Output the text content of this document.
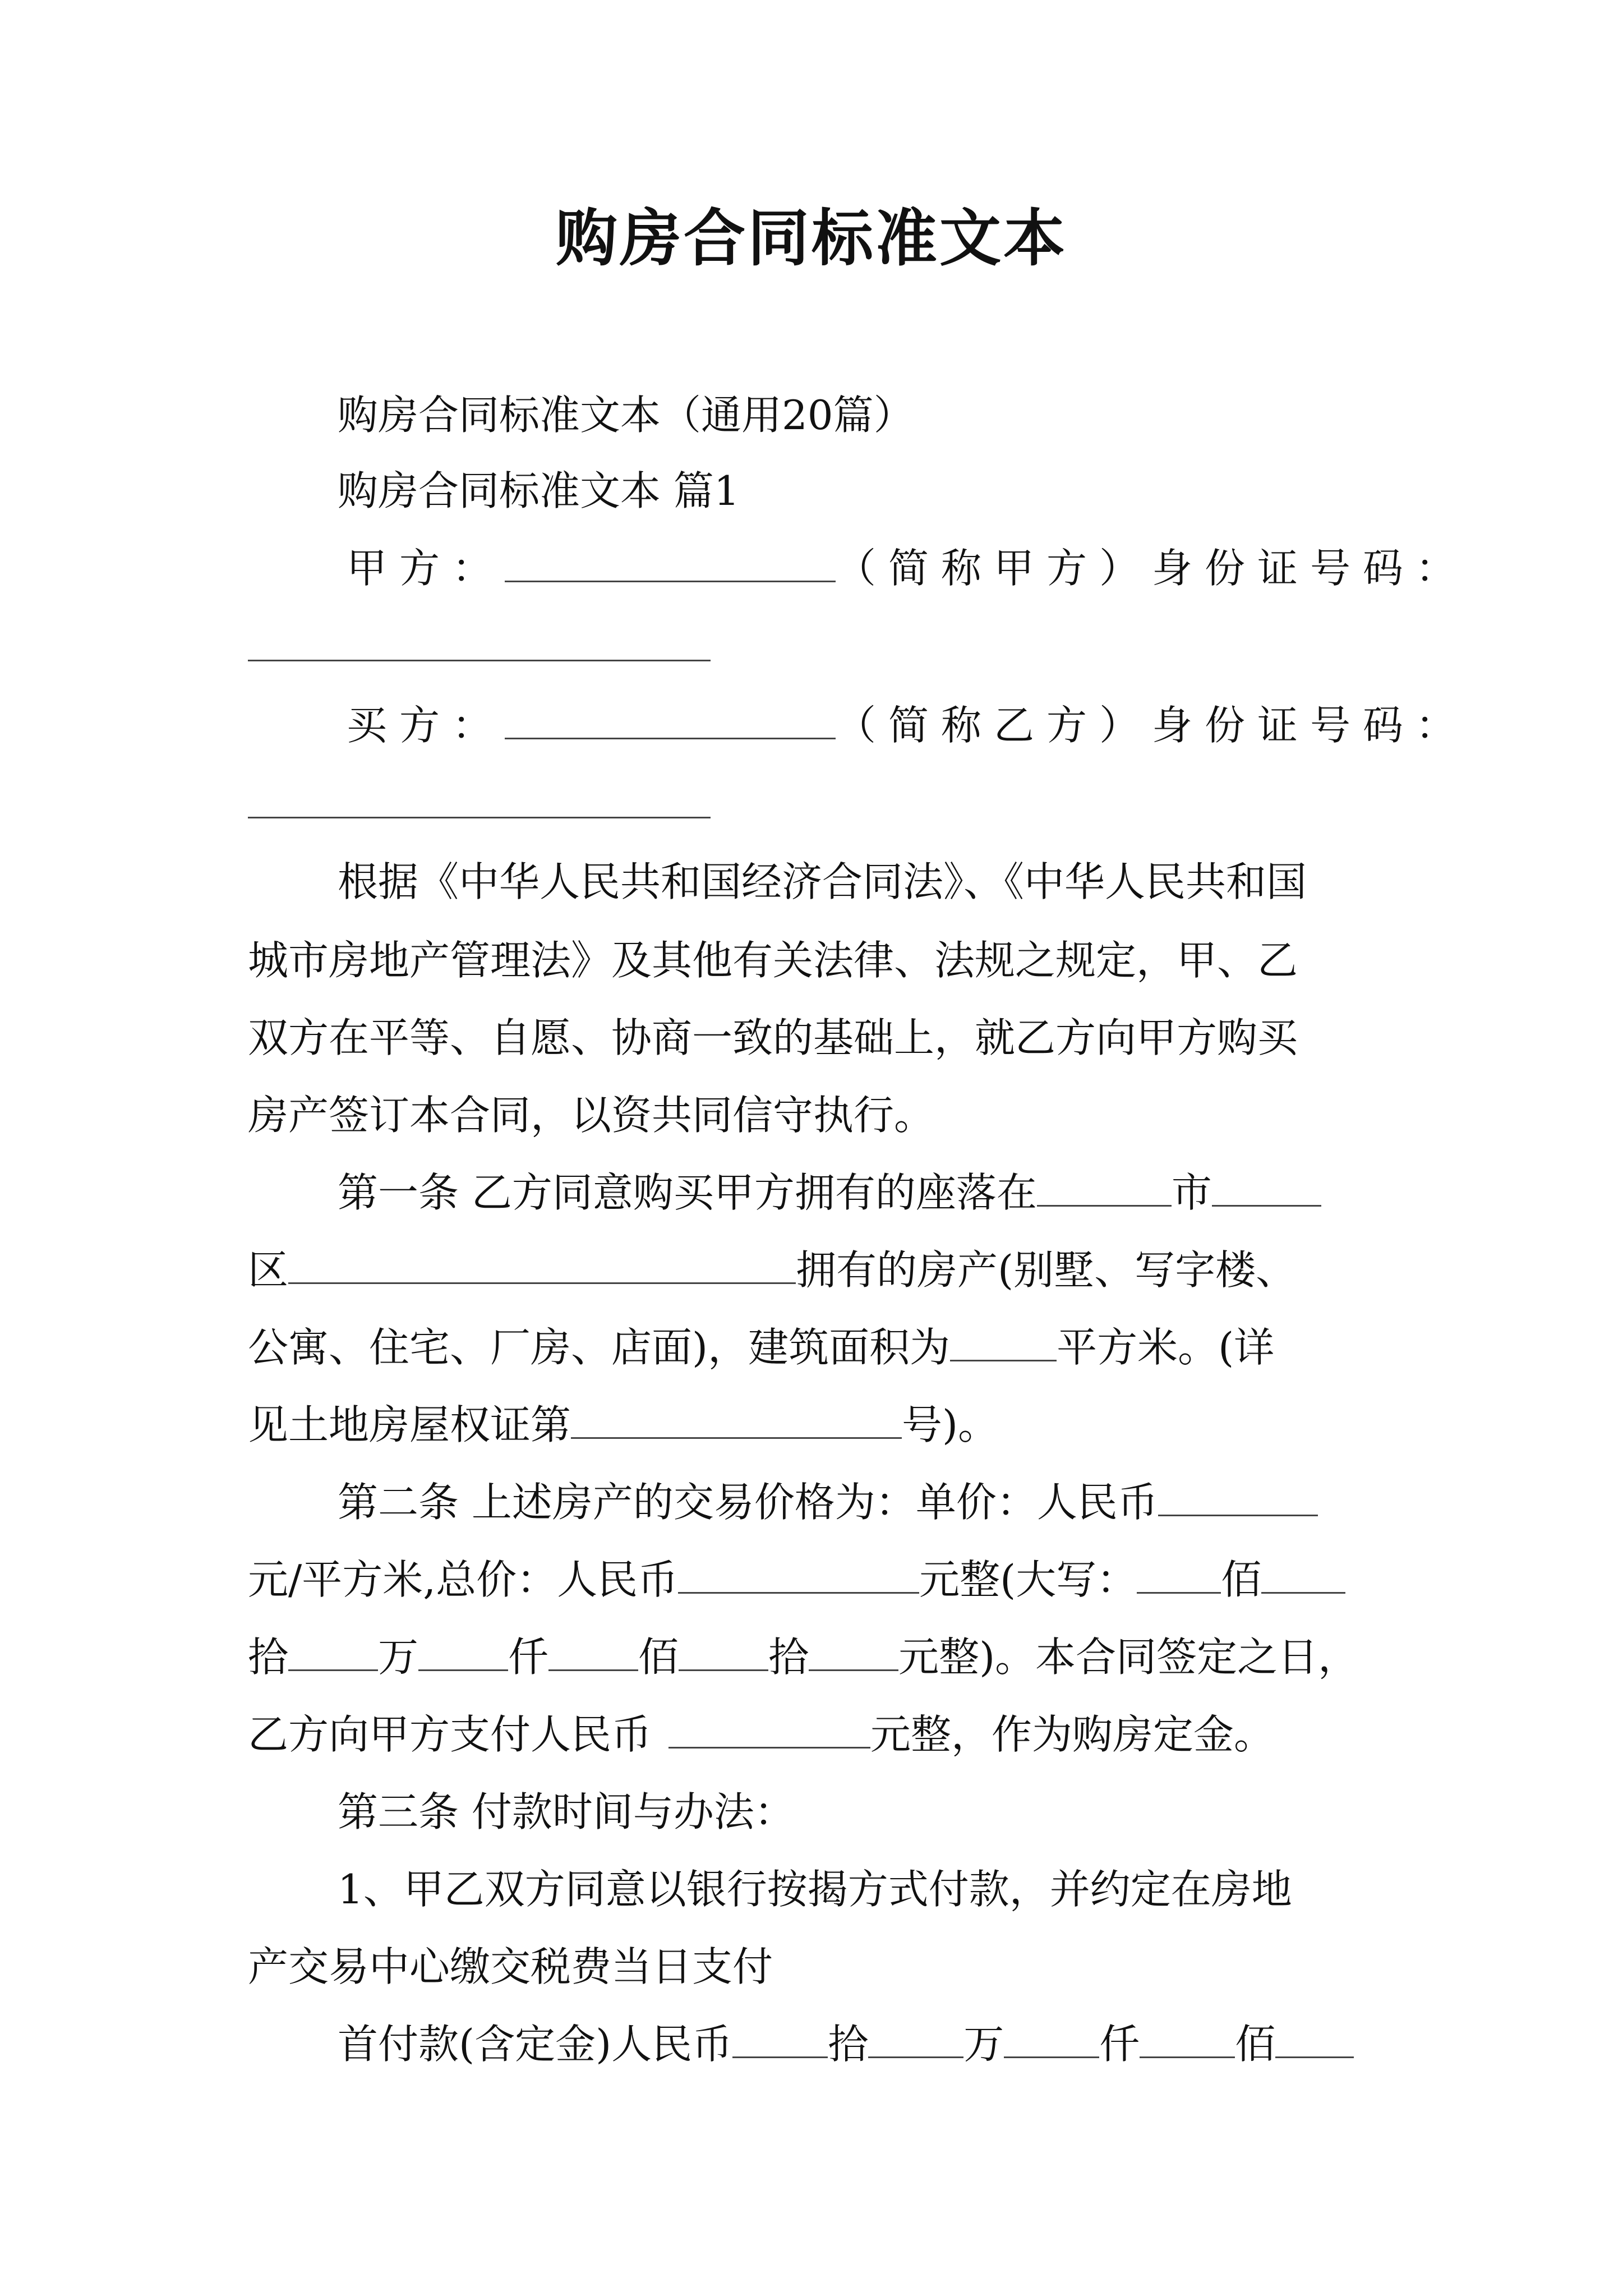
购房合同标准文本
购房合同标准文本（通用20篇）
购房合同标准文本 篇1
甲方：	（简称甲方）身份证号码：
买方：	（简称乙方）身份证号码：
根据《中华人民共和国经济合同法》、《中华人民共和国
城市房地产管理法》及其他有关法律、法规之规定，甲、乙
双方在平等、自愿、协商一致的基础上，就乙方向甲方购买
房产签订本合同，以资共同信守执行。
第一条 乙方同意购买甲方拥有的座落在	市
区	拥有的房产(别墅、写字楼、
公寓、住宅、厂房、店面)，建筑面积为	平方米。(详
见土地房屋权证第	号)。
第二条 上述房产的交易价格为：单价：人民币
元/平方米,总价：人民币	元整(大写： 佰
拾 万 仟 佰 拾 元整)。本合同签定之日，
乙方向甲方支付人民币	元整，作为购房定金。
第三条 付款时间与办法：
1、甲乙双方同意以银行按揭方式付款，并约定在房地
产交易中心缴交税费当日支付
首付款(含定金)人民币 拾 万 仟 佰
